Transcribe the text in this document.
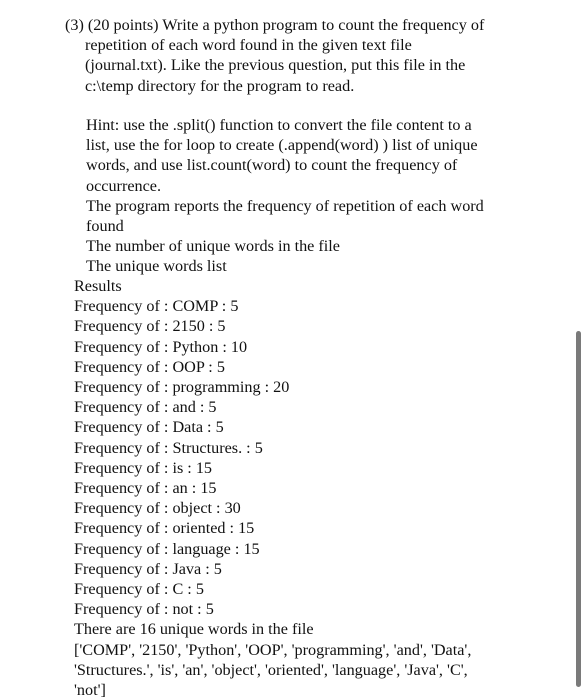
(3) (20 points) Write a python program to count the frequency of
repetition of each word found in the given text file
(journal.txt). Like the previous question, put this file in the
c:\temp directory for the program to read.
Hint: use the .split() function to convert the file content to a
list, use the for loop to create (.append(word) ) list of unique
words, and use list.count(word) to count the frequency of
occurrence.
The program reports the frequency of repetition of each word
found
The number of unique words in the file
The unique words list
Results
Frequency of : COMP : 5
Frequency of : 2150 : 5
Frequency of : Python : 10
Frequency of : OOP : 5
Frequency of : programming : 20
Frequency of : and : 5
Frequency of : Data : 5
Frequency of : Structures. : 5
Frequency of : is : 15
Frequency of : an : 15
Frequency of : object : 30
Frequency of : oriented : 15
Frequency of : language : 15
Frequency of : Java : 5
Frequency of : C : 5
Frequency of : not : 5
There are 16 unique words in the file
['COMP', '2150', 'Python', 'OOP', 'programming', 'and', 'Data',
'Structures.', 'is', 'an', 'object', 'oriented', 'language', 'Java', 'C',
'not']
